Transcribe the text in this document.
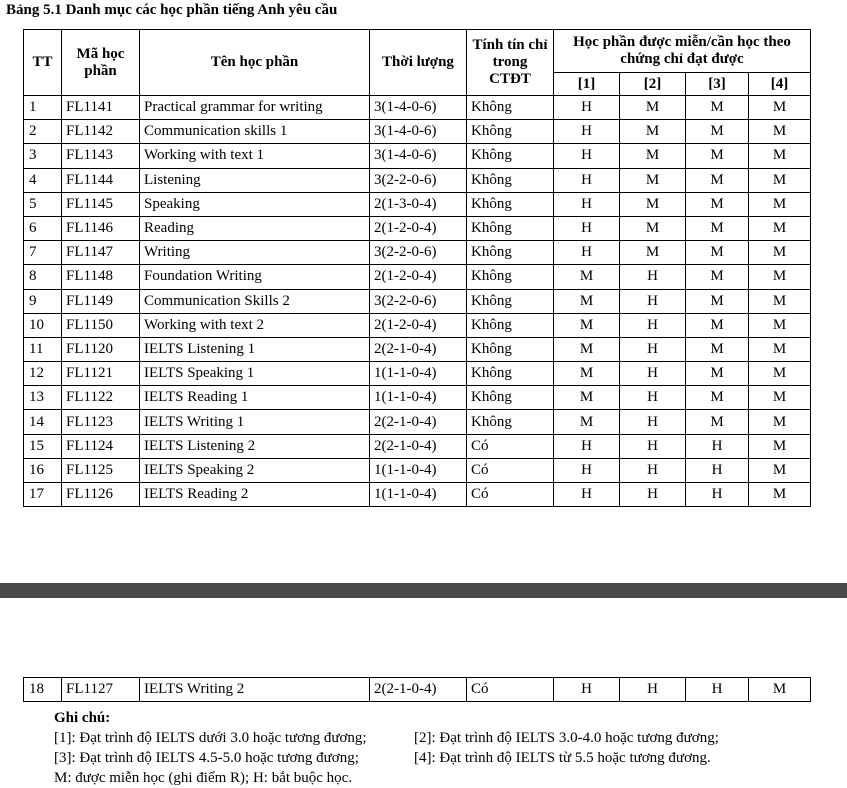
Bảng 5.1 Danh mục các học phần tiếng Anh yêu cầu
TT	Mã học phần	Tên học phần	Thời lượng	Tính tín chỉ trong CTĐT	Học phần được miễn/cần học theo chứng chỉ đạt được			
					[1]	[2]	[3]	[4]
1	FL1141	Practical grammar for writing	3(1-4-0-6)	Không	H	M	M	M
2	FL1142	Communication skills 1	3(1-4-0-6)	Không	H	M	M	M
3	FL1143	Working with text 1	3(1-4-0-6)	Không	H	M	M	M
4	FL1144	Listening	3(2-2-0-6)	Không	H	M	M	M
5	FL1145	Speaking	2(1-3-0-4)	Không	H	M	M	M
6	FL1146	Reading	2(1-2-0-4)	Không	H	M	M	M
7	FL1147	Writing	3(2-2-0-6)	Không	H	M	M	M
8	FL1148	Foundation Writing	2(1-2-0-4)	Không	M	H	M	M
9	FL1149	Communication Skills 2	3(2-2-0-6)	Không	M	H	M	M
10	FL1150	Working with text 2	2(1-2-0-4)	Không	M	H	M	M
11	FL1120	IELTS Listening 1	2(2-1-0-4)	Không	M	H	M	M
12	FL1121	IELTS Speaking 1	1(1-1-0-4)	Không	M	H	M	M
13	FL1122	IELTS Reading 1	1(1-1-0-4)	Không	M	H	M	M
14	FL1123	IELTS Writing 1	2(2-1-0-4)	Không	M	H	M	M
15	FL1124	IELTS Listening 2	2(2-1-0-4)	Có	H	H	H	M
16	FL1125	IELTS Speaking 2	1(1-1-0-4)	Có	H	H	H	M
17	FL1126	IELTS Reading 2	1(1-1-0-4)	Có	H	H	H	M
18	FL1127	IELTS Writing 2	2(2-1-0-4)	Có	H	H	H	M
Ghi chú:
[1]: Đạt trình độ IELTS dưới 3.0 hoặc tương đương;	[2]: Đạt trình độ IELTS 3.0-4.0 hoặc tương đương;
[3]: Đạt trình độ IELTS 4.5-5.0 hoặc tương đương;	[4]: Đạt trình độ IELTS từ 5.5 hoặc tương đương.
M: được miễn học (ghi điểm R); H: bắt buộc học.
